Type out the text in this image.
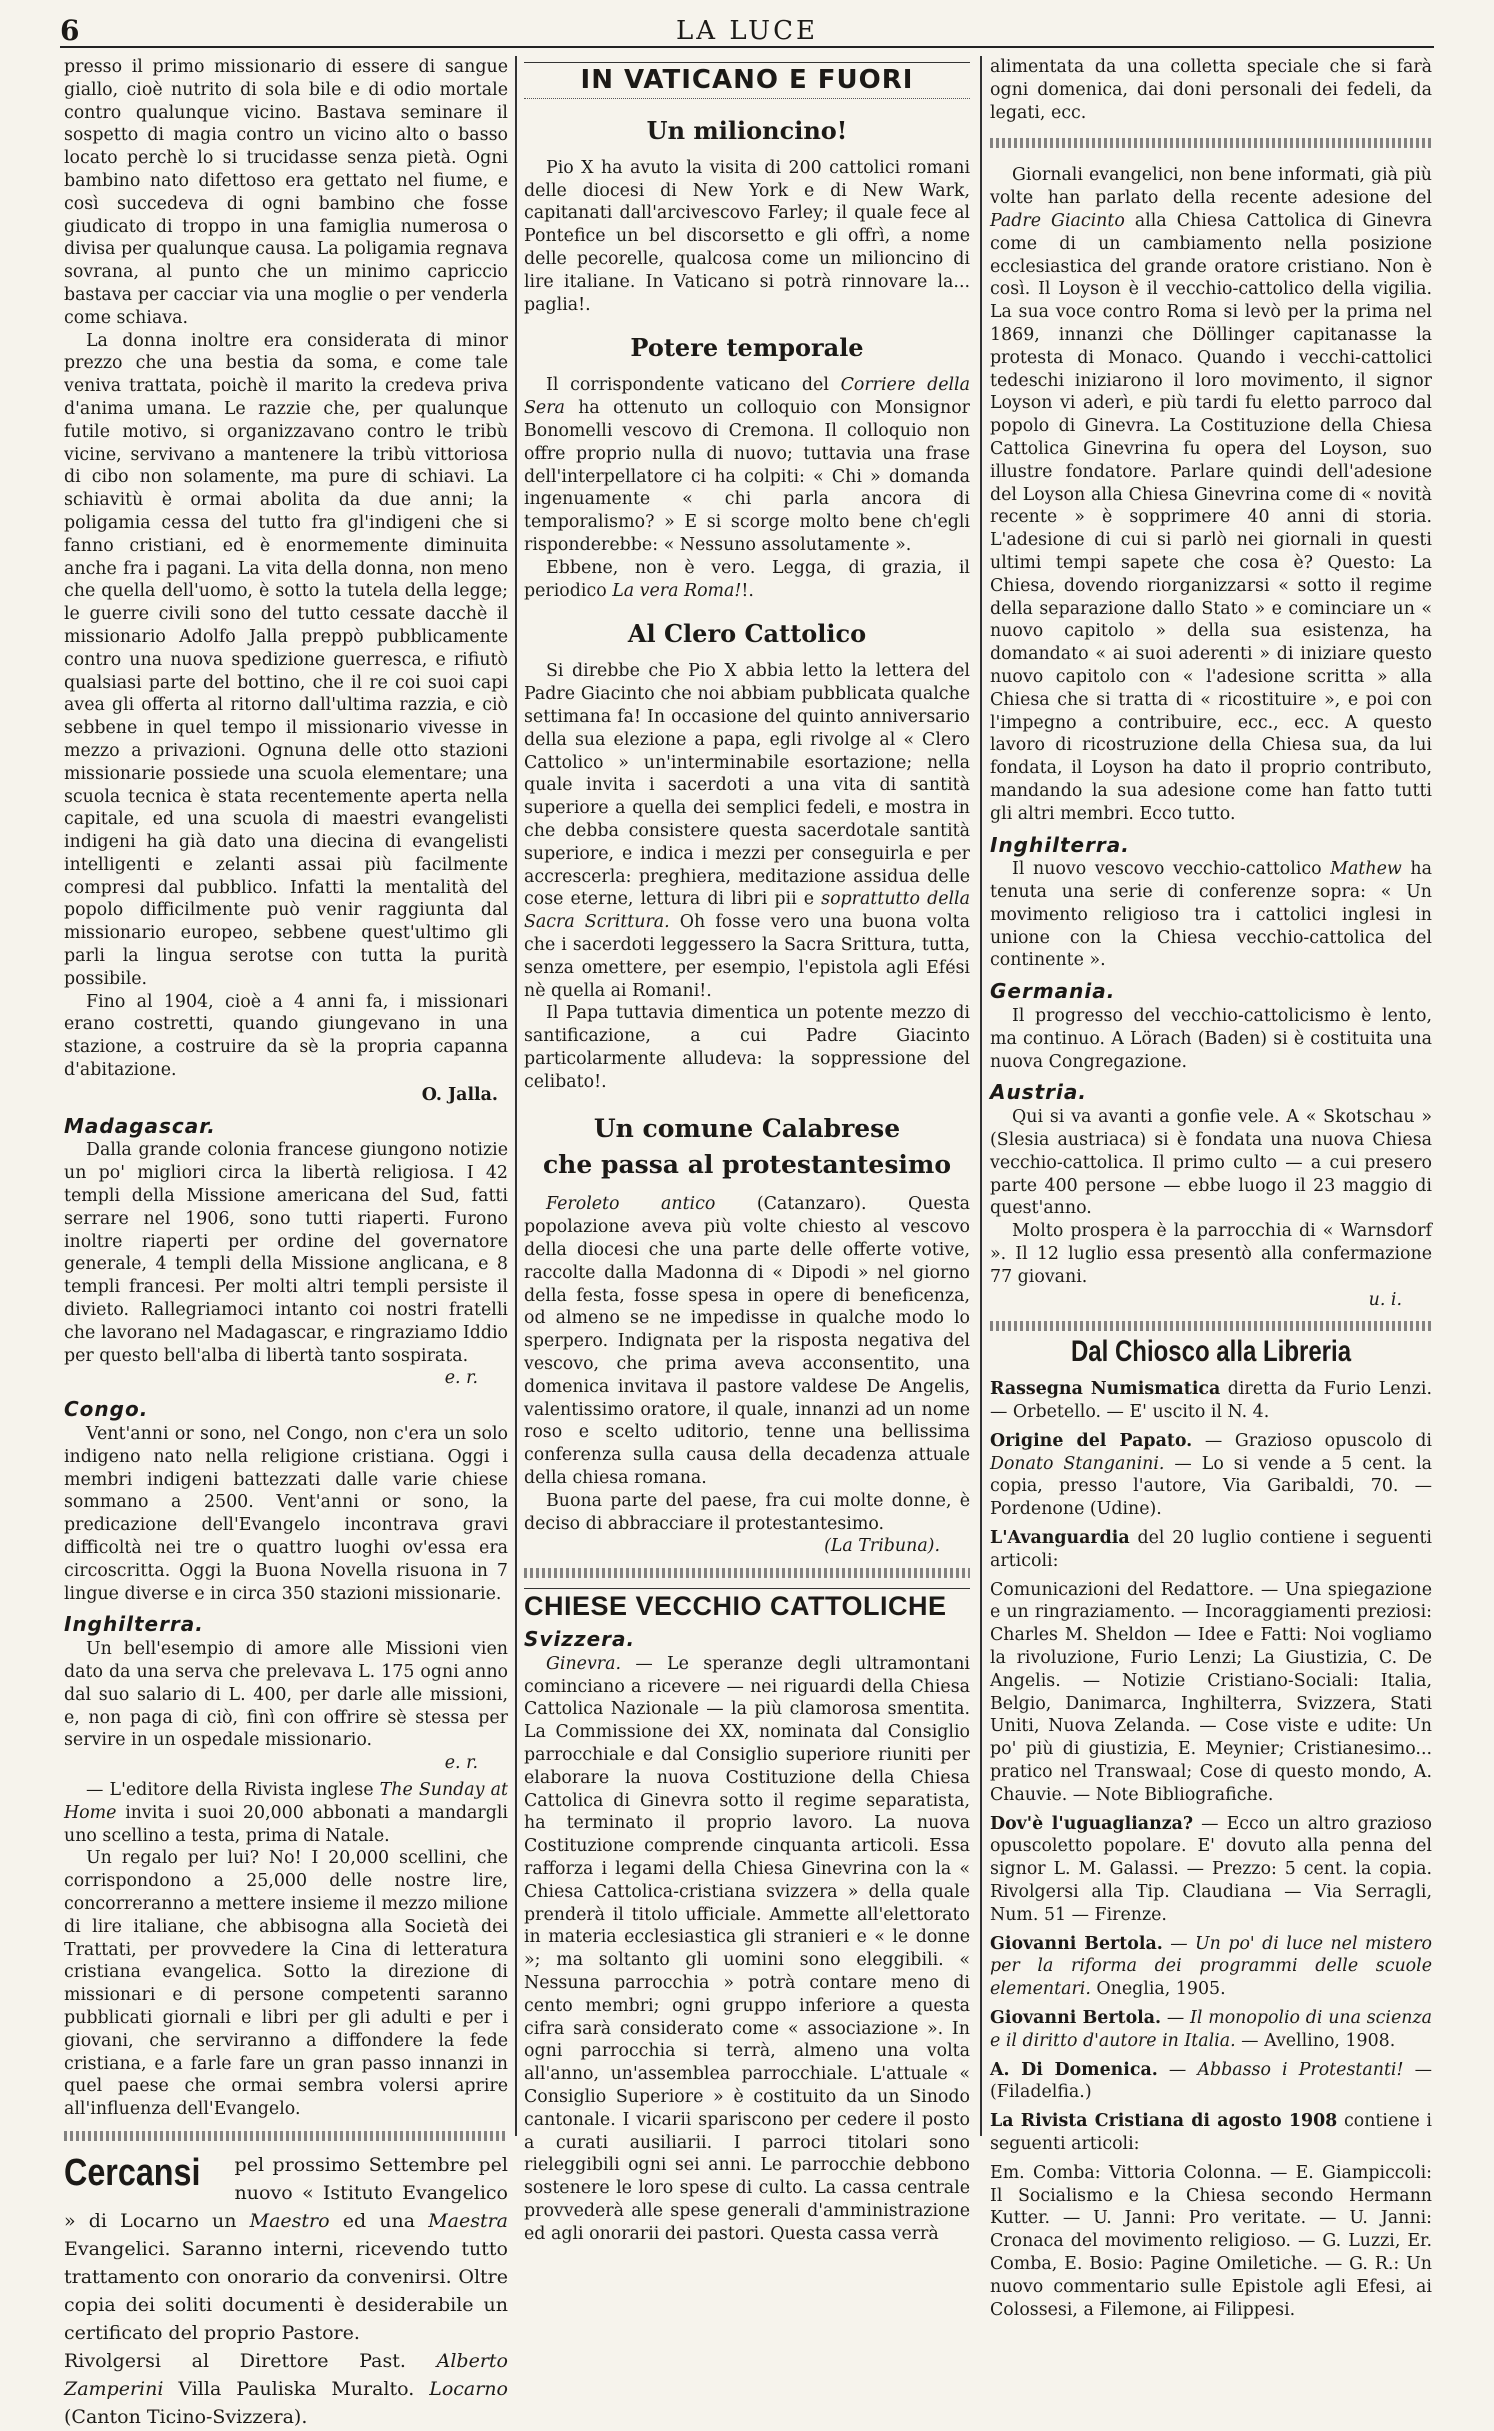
6	LA LUCE

presso il primo missionario di essere di sangue giallo, cioè nutrito di sola bile e di odio mortale contro qualunque vicino. Bastava seminare il sospetto di magia contro un vicino alto o basso locato perchè lo si trucidasse senza pietà. Ogni bambino nato difettoso era gettato nel fiume, e così succedeva di ogni bambino che fosse giudicato di troppo in una famiglia numerosa o divisa per qualunque causa. La poligamia regnava sovrana, al punto che un minimo capriccio bastava per cacciar via una moglie o per venderla come schiava.

La donna inoltre era considerata di minor prezzo che una bestia da soma, e come tale veniva trattata, poichè il marito la credeva priva d'anima umana. Le razzie che, per qualunque futile motivo, si organizzavano contro le tribù vicine, servivano a mantenere la tribù vittoriosa di cibo non solamente, ma pure di schiavi. La schiavitù è ormai abolita da due anni; la poligamia cessa del tutto fra gl'indigeni che si fanno cristiani, ed è enormemente diminuita anche fra i pagani. La vita della donna, non meno che quella dell'uomo, è sotto la tutela della legge; le guerre civili sono del tutto cessate dacchè il missionario Adolfo Jalla preppò pubblicamente contro una nuova spedizione guerresca, e rifiutò qualsiasi parte del bottino, che il re coi suoi capi avea gli offerta al ritorno dall'ultima razzia, e ciò sebbene in quel tempo il missionario vivesse in mezzo a privazioni. Ognuna delle otto stazioni missionarie possiede una scuola elementare; una scuola tecnica è stata recentemente aperta nella capitale, ed una scuola di maestri evangelisti indigeni ha già dato una diecina di evangelisti intelligenti e zelanti assai più facilmente compresi dal pubblico. Infatti la mentalità del popolo difficilmente può venir raggiunta dal missionario europeo, sebbene quest'ultimo gli parli la lingua serotse con tutta la purità possibile.

Fino al 1904, cioè a 4 anni fa, i missionari erano costretti, quando giungevano in una stazione, a costruire da sè la propria capanna d'abitazione.

O. Jalla.
Madagascar.

Dalla grande colonia francese giungono notizie un po' migliori circa la libertà religiosa. I 42 templi della Missione americana del Sud, fatti serrare nel 1906, sono tutti riaperti. Furono inoltre riaperti per ordine del governatore generale, 4 templi della Missione anglicana, e 8 templi francesi. Per molti altri templi persiste il divieto. Rallegriamoci intanto coi nostri fratelli che lavorano nel Madagascar, e ringraziamo Iddio per questo bell'alba di libertà tanto sospirata.

e. r.
Congo.

Vent'anni or sono, nel Congo, non c'era un solo indigeno nato nella religione cristiana. Oggi i membri indigeni battezzati dalle varie chiese sommano a 2500. Vent'anni or sono, la predicazione dell'Evangelo incontrava gravi difficoltà nei tre o quattro luoghi ov'essa era circoscritta. Oggi la Buona Novella risuona in 7 lingue diverse e in circa 350 stazioni missionarie.

Inghilterra.

Un bell'esempio di amore alle Missioni vien dato da una serva che prelevava L. 175 ogni anno dal suo salario di L. 400, per darle alle missioni, e, non paga di ciò, finì con offrire sè stessa per servire in un ospedale missionario.

e. r.

— L'editore della Rivista inglese The Sunday at Home invita i suoi 20,000 abbonati a mandargli uno scellino a testa, prima di Natale.

Un regalo per lui? No! I 20,000 scellini, che corrispondono a 25,000 delle nostre lire, concorreranno a mettere insieme il mezzo milione di lire italiane, che abbisogna alla Società dei Trattati, per provvedere la Cina di letteratura cristiana evangelica. Sotto la direzione di missionari e di persone competenti saranno pubblicati giornali e libri per gli adulti e per i giovani, che serviranno a diffondere la fede cristiana, e a farle fare un gran passo innanzi in quel paese che ormai sembra volersi aprire all'influenza dell'Evangelo.

Cercansi pel prossimo Settembre pel nuovo « Istituto Evangelico » di Locarno un Maestro ed una Maestra Evangelici. Saranno interni, ricevendo tutto trattamento con onorario da convenirsi. Oltre copia dei soliti documenti è desiderabile un certificato del proprio Pastore.
Rivolgersi al Direttore Past. Alberto Zamperini Villa Pauliska Muralto. Locarno (Canton Ticino-Svizzera).
IN VATICANO E FUORI
Un milioncino!

Pio X ha avuto la visita di 200 cattolici romani delle diocesi di New York e di New Wark, capitanati dall'arcivescovo Farley; il quale fece al Pontefice un bel discorsetto e gli offrì, a nome delle pecorelle, qualcosa come un milioncino di lire italiane. In Vaticano si potrà rinnovare la... paglia!.

Potere temporale

Il corrispondente vaticano del Corriere della Sera ha ottenuto un colloquio con Monsignor Bonomelli vescovo di Cremona. Il colloquio non offre proprio nulla di nuovo; tuttavia una frase dell'interpellatore ci ha colpiti: « Chi » domanda ingenuamente « chi parla ancora di temporalismo? » E si scorge molto bene ch'egli risponderebbe: « Nessuno assolutamente ».

Ebbene, non è vero. Legga, di grazia, il periodico La vera Roma!!.

Al Clero Cattolico

Si direbbe che Pio X abbia letto la lettera del Padre Giacinto che noi abbiam pubblicata qualche settimana fa! In occasione del quinto anniversario della sua elezione a papa, egli rivolge al « Clero Cattolico » un'interminabile esortazione; nella quale invita i sacerdoti a una vita di santità superiore a quella dei semplici fedeli, e mostra in che debba consistere questa sacerdotale santità superiore, e indica i mezzi per conseguirla e per accrescerla: preghiera, meditazione assidua delle cose eterne, lettura di libri pii e soprattutto della Sacra Scrittura. Oh fosse vero una buona volta che i sacerdoti leggessero la Sacra Srittura, tutta, senza omettere, per esempio, l'epistola agli Efési nè quella ai Romani!.

Il Papa tuttavia dimentica un potente mezzo di santificazione, a cui Padre Giacinto particolarmente alludeva: la soppressione del celibato!.

Un comune Calabrese
che passa al protestantesimo

Feroleto antico (Catanzaro). Questa popolazione aveva più volte chiesto al vescovo della diocesi che una parte delle offerte votive, raccolte dalla Madonna di « Dipodi » nel giorno della festa, fosse spesa in opere di beneficenza, od almeno se ne impedisse in qualche modo lo sperpero. Indignata per la risposta negativa del vescovo, che prima aveva acconsentito, una domenica invitava il pastore valdese De Angelis, valentissimo oratore, il quale, innanzi ad un nome roso e scelto uditorio, tenne una bellissima conferenza sulla causa della decadenza attuale della chiesa romana.

Buona parte del paese, fra cui molte donne, è deciso di abbracciare il protestantesimo.

(La Tribuna).
CHIESE VECCHIO CATTOLICHE
Svizzera.

Ginevra. — Le speranze degli ultramontani cominciano a ricevere — nei riguardi della Chiesa Cattolica Nazionale — la più clamorosa smentita. La Commissione dei XX, nominata dal Consiglio parrocchiale e dal Consiglio superiore riuniti per elaborare la nuova Costituzione della Chiesa Cattolica di Ginevra sotto il regime separatista, ha terminato il proprio lavoro. La nuova Costituzione comprende cinquanta articoli. Essa rafforza i legami della Chiesa Ginevrina con la « Chiesa Cattolica-cristiana svizzera » della quale prenderà il titolo ufficiale. Ammette all'elettorato in materia ecclesiastica gli stranieri e « le donne »; ma soltanto gli uomini sono eleggibili. « Nessuna parrocchia » potrà contare meno di cento membri; ogni gruppo inferiore a questa cifra sarà considerato come « associazione ». In ogni parrocchia si terrà, almeno una volta all'anno, un'assemblea parrocchiale. L'attuale « Consiglio Superiore » è costituito da un Sinodo cantonale. I vicarii spariscono per cedere il posto a curati ausiliarii. I parroci titolari sono rieleggibili ogni sei anni. Le parrocchie debbono sostenere le loro spese di culto. La cassa centrale provvederà alle spese generali d'amministrazione ed agli onorarii dei pastori. Questa cassa verrà

alimentata da una colletta speciale che si farà ogni domenica, dai doni personali dei fedeli, da legati, ecc.

Giornali evangelici, non bene informati, già più volte han parlato della recente adesione del Padre Giacinto alla Chiesa Cattolica di Ginevra come di un cambiamento nella posizione ecclesiastica del grande oratore cristiano. Non è così. Il Loyson è il vecchio-cattolico della vigilia. La sua voce contro Roma si levò per la prima nel 1869, innanzi che Döllinger capitanasse la protesta di Monaco. Quando i vecchi-cattolici tedeschi iniziarono il loro movimento, il signor Loyson vi aderì, e più tardi fu eletto parroco dal popolo di Ginevra. La Costituzione della Chiesa Cattolica Ginevrina fu opera del Loyson, suo illustre fondatore. Parlare quindi dell'adesione del Loyson alla Chiesa Ginevrina come di « novità recente » è sopprimere 40 anni di storia. L'adesione di cui si parlò nei giornali in questi ultimi tempi sapete che cosa è? Questo: La Chiesa, dovendo riorganizzarsi « sotto il regime della separazione dallo Stato » e cominciare un « nuovo capitolo » della sua esistenza, ha domandato « ai suoi aderenti » di iniziare questo nuovo capitolo con « l'adesione scritta » alla Chiesa che si tratta di « ricostituire », e poi con l'impegno a contribuire, ecc., ecc. A questo lavoro di ricostruzione della Chiesa sua, da lui fondata, il Loyson ha dato il proprio contributo, mandando la sua adesione come han fatto tutti gli altri membri. Ecco tutto.

Inghilterra.

Il nuovo vescovo vecchio-cattolico Mathew ha tenuta una serie di conferenze sopra: « Un movimento religioso tra i cattolici inglesi in unione con la Chiesa vecchio-cattolica del continente ».

Germania.

Il progresso del vecchio-cattolicismo è lento, ma continuo. A Lörach (Baden) si è costituita una nuova Congregazione.

Austria.

Qui si va avanti a gonfie vele. A « Skotschau » (Slesia austriaca) si è fondata una nuova Chiesa vecchio-cattolica. Il primo culto — a cui presero parte 400 persone — ebbe luogo il 23 maggio di quest'anno.

Molto prospera è la parrocchia di « Warnsdorf ». Il 12 luglio essa presentò alla confermazione 77 giovani.

u. i.
Dal Chiosco alla Libreria

Rassegna Numismatica diretta da Furio Lenzi. — Orbetello. — E' uscito il N. 4.

Origine del Papato. — Grazioso opuscolo di Donato Stanganini. — Lo si vende a 5 cent. la copia, presso l'autore, Via Garibaldi, 70. — Pordenone (Udine).

L'Avanguardia del 20 luglio contiene i seguenti articoli:

Comunicazioni del Redattore. — Una spiegazione e un ringraziamento. — Incoraggiamenti preziosi: Charles M. Sheldon — Idee e Fatti: Noi vogliamo la rivoluzione, Furio Lenzi; La Giustizia, C. De Angelis. — Notizie Cristiano-Sociali: Italia, Belgio, Danimarca, Inghilterra, Svizzera, Stati Uniti, Nuova Zelanda. — Cose viste e udite: Un po' più di giustizia, E. Meynier; Cristianesimo... pratico nel Transwaal; Cose di questo mondo, A. Chauvie. — Note Bibliografiche.

Dov'è l'uguaglianza? — Ecco un altro grazioso opuscoletto popolare. E' dovuto alla penna del signor L. M. Galassi. — Prezzo: 5 cent. la copia. Rivolgersi alla Tip. Claudiana — Via Serragli, Num. 51 — Firenze.

Giovanni Bertola. — Un po' di luce nel mistero per la riforma dei programmi delle scuole elementari. Oneglia, 1905.

Giovanni Bertola. — Il monopolio di una scienza e il diritto d'autore in Italia. — Avellino, 1908.

A. Di Domenica. — Abbasso i Protestanti! — (Filadelfia.)

La Rivista Cristiana di agosto 1908 contiene i seguenti articoli:

Em. Comba: Vittoria Colonna. — E. Giampiccoli: Il Socialismo e la Chiesa secondo Hermann Kutter. — U. Janni: Pro veritate. — U. Janni: Cronaca del movimento religioso. — G. Luzzi, Er. Comba, E. Bosio: Pagine Omiletiche. — G. R.: Un nuovo commentario sulle Epistole agli Efesi, ai Colossesi, a Filemone, ai Filippesi.
